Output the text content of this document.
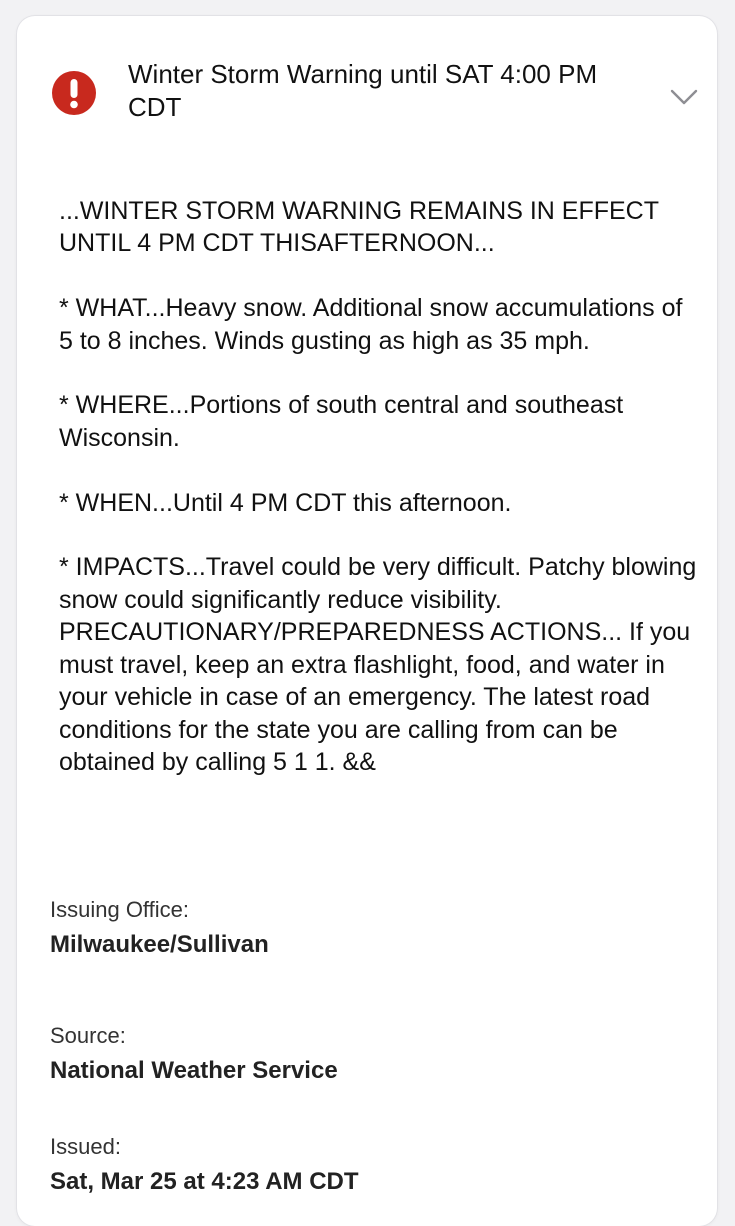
Winter Storm Warning until SAT 4:00 PM CDT

...WINTER STORM WARNING REMAINS IN EFFECT UNTIL 4 PM CDT THISAFTERNOON...

* WHAT...Heavy snow. Additional snow accumulations of 5 to 8 inches. Winds gusting as high as 35 mph.

* WHERE...Portions of south central and southeast Wisconsin.

* WHEN...Until 4 PM CDT this afternoon.

* IMPACTS...Travel could be very difficult. Patchy blowing snow could significantly reduce visibility. PRECAUTIONARY/PREPAREDNESS ACTIONS... If you must travel, keep an extra flashlight, food, and water in your vehicle in case of an emergency. The latest road conditions for the state you are calling from can be obtained by calling 5 1 1. &&

Issuing Office:
Milwaukee/Sullivan
Source:
National Weather Service
Issued:
Sat, Mar 25 at 4:23 AM CDT
